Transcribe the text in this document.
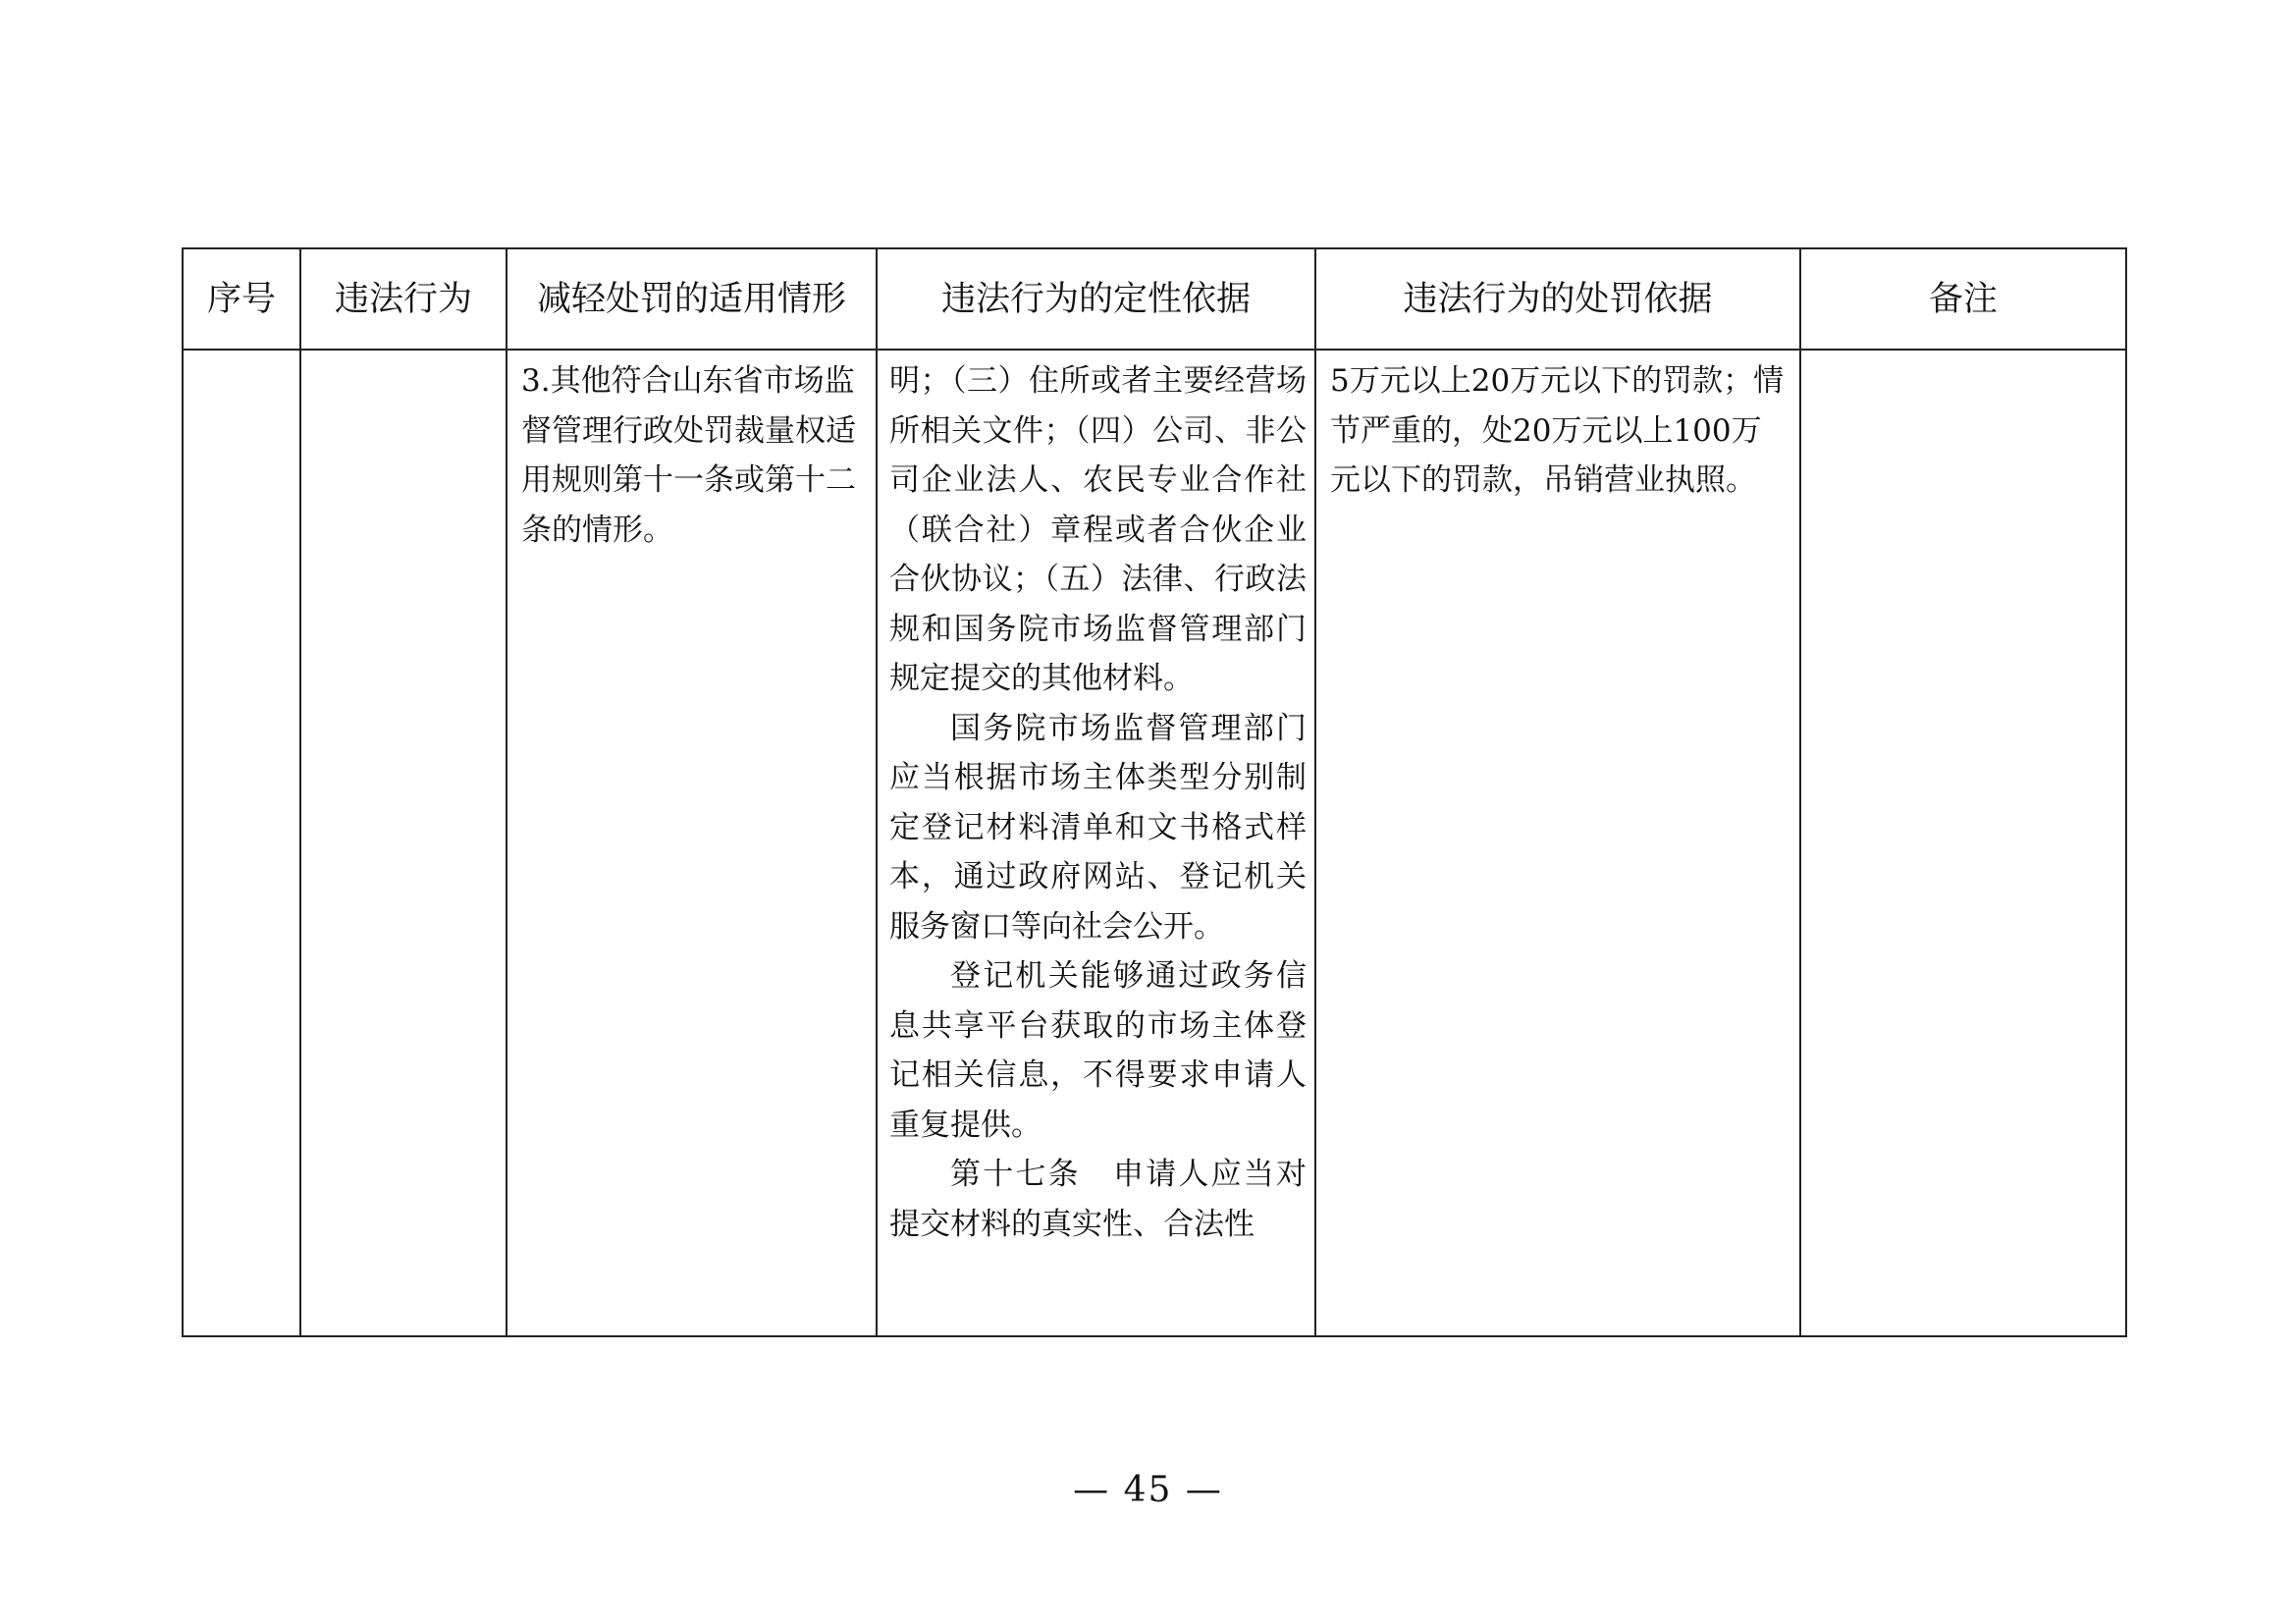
序号	违法行为	减轻处罚的适用情形	违法行为的定性依据	违法行为的处罚依据	备注

		3.其他符合山东省市场监督管理行政处罚裁量权适用规则第十一条或第十二条的情形。	明；（三）住所或者主要经营场所相关文件；（四）公司、非公司企业法人、农民专业合作社（联合社）章程或者合伙企业合伙协议；（五）法律、行政法规和国务院市场监督管理部门规定提交的其他材料。

国务院市场监督管理部门应当根据市场主体类型分别制定登记材料清单和文书格式样本，通过政府网站、登记机关服务窗口等向社会公开。

登记机关能够通过政务信息共享平台获取的市场主体登记相关信息，不得要求申请人重复提供。

第十七条　申请人应当对提交材料的真实性、合法性	5万元以上20万元以下的罚款；情节严重的，处20万元以上100万元以下的罚款，吊销营业执照。	

— 45 —
